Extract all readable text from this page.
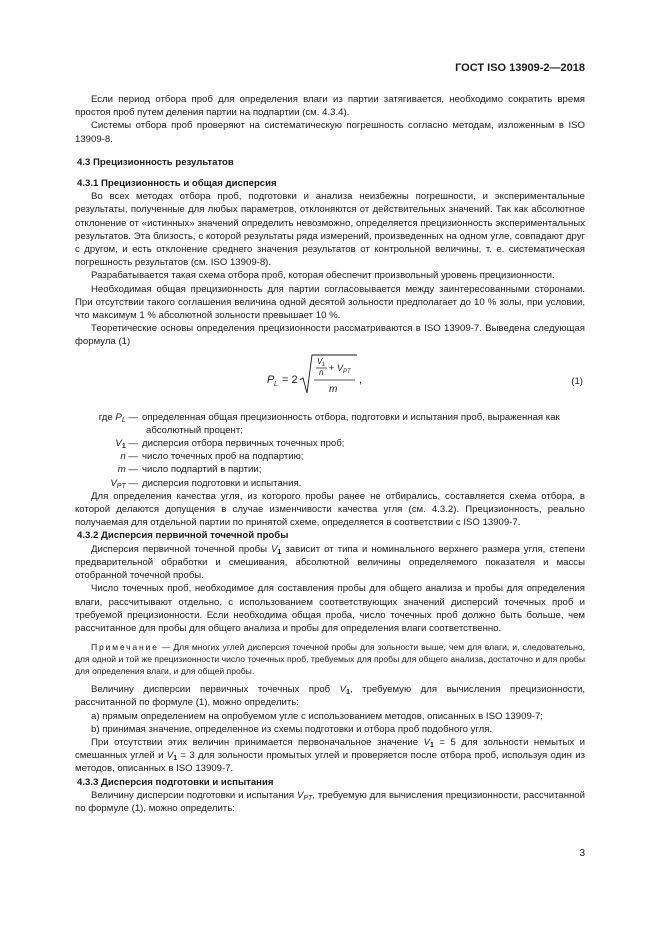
ГОСТ ISO 13909-2—2018

Если период отбора проб для определения влаги из партии затягивается, необходимо сократить время простоя проб путем деления партии на подпартии (см. 4.3.4).

Системы отбора проб проверяют на систематическую погрешность согласно методам, изложенным в ISO 13909-8.

4.3 Прецизионность результатов

4.3.1 Прецизионность и общая дисперсия

Во всех методах отбора проб, подготовки и анализа неизбежны погрешности, и экспериментальные результаты, полученные для любых параметров, отклоняются от действительных значений. Так как абсолютное отклонение от «истинных» значений определить невозможно, определяется прецизионность экспериментальных результатов. Эта близость, с которой результаты ряда измерений, произведенных на одном угле, совпадают друг с другом, и есть отклонение среднего значения результатов от контрольной величины, т. е. систематическая погрешность результатов (см. ISO 13909-8).

Разрабатывается такая схема отбора проб, которая обеспечит произвольный уровень прецизионности.

Необходимая общая прецизионность для партии согласовывается между заинтересованными сторонами. При отсутствии такого соглашения величина одной десятой зольности предполагает до 10 % золы, при условии, что максимум 1 % абсолютной зольности превышает 10 %.

Теоретические основы определения прецизионности рассматриваются в ISO 13909-7. Выведена следующая формула (1)

P L = 2
V 1
n + V PT
m
,	(1)
где $P_L$ — определенная общая прецизионность отбора, подготовки и испытания проб, выраженная как
абсолютный процент;
$V_1$ — дисперсия отбора первичных точечных проб;
n — число точечных проб на подпартию;
m — число подпартий в партии;
$V_{PT}$ — дисперсия подготовки и испытания.

Для определения качества угля, из которого пробы ранее не отбирались, составляется схема отбора, в которой делаются допущения в случае изменчивости качества угля (см. 4.3.2). Прецизионность, реально получаемая для отдельной партии по принятой схеме, определяется в соответствии с ISO 13909-7.

4.3.2 Дисперсия первичной точечной пробы

Дисперсия первичной точечной пробы $V_1$ зависит от типа и номинального верхнего размера угля, степени предварительной обработки и смешивания, абсолютной величины определяемого показателя и массы отобранной точечной пробы.

Число точечных проб, необходимое для составления пробы для общего анализа и пробы для определения влаги, рассчитывают отдельно, с использованием соответствующих значений дисперсий точечных проб и требуемой прецизионности. Если необходима общая проба, число точечных проб должно быть больше, чем рассчитанное для пробы для общего анализа и пробы для определения влаги соответственно.

Примечание — Для многих углей дисперсия точечной пробы для зольности выше, чем для влаги, и, следовательно, для одной и той же прецизионности число точечных проб, требуемых для пробы для общего анализа, достаточно и для пробы для определения влаги, и для общей пробы.

Величину дисперсии первичных точечных проб $V_1$, требуемую для вычисления прецизионности, рассчитанной по формуле (1), можно определить:

a) прямым определением на опробуемом угле с использованием методов, описанных в ISO 13909-7;

b) принимая значение, определенное из схемы подготовки и отбора проб подобного угля.

При отсутствии этих величин принимается первоначальное значение $V_1 = 5$ для зольности немытых и смешанных углей и $V_1 = 3$ для зольности промытых углей и проверяется после отбора проб, используя один из методов, описанных в ISO 13909-7.

4.3.3 Дисперсия подготовки и испытания

Величину дисперсии подготовки и испытания $V_{PT}$, требуемую для вычисления прецизионности, рассчитанной по формуле (1), можно определить:

3
